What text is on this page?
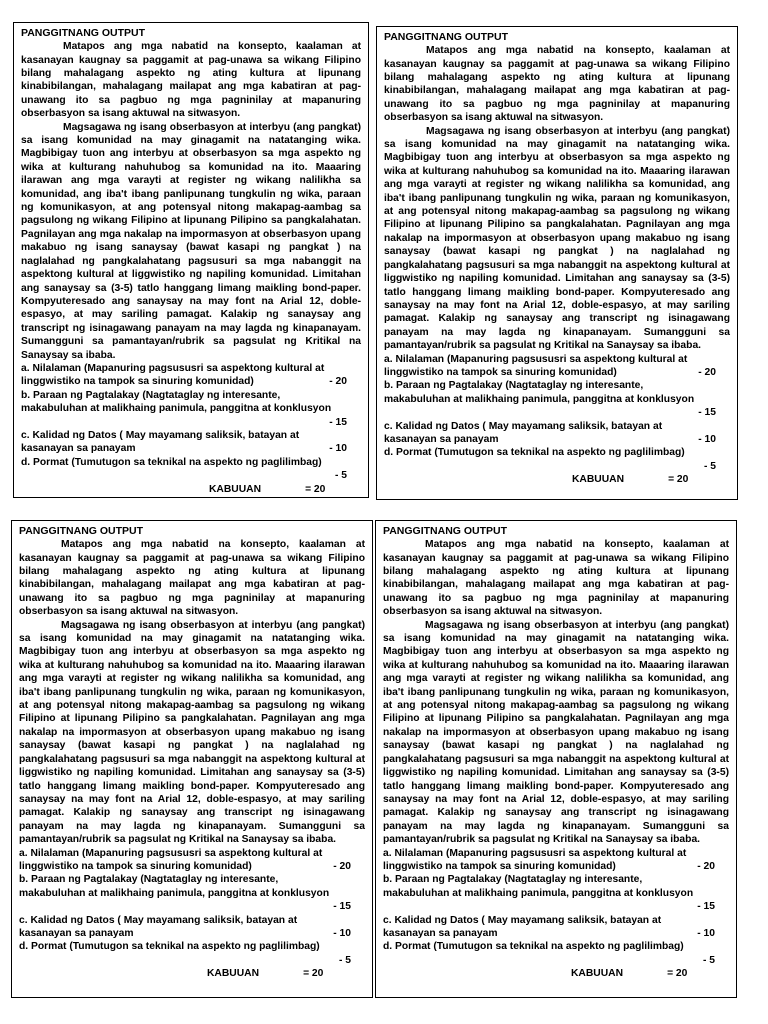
PANGGITNANG OUTPUT

Matapos ang mga nabatid na konsepto, kaalaman at kasanayan kaugnay sa paggamit at pag-unawa sa wikang Filipino bilang mahalagang aspekto ng ating kultura at lipunang kinabibilangan, mahalagang mailapat ang mga kabatiran at pag-unawang ito sa pagbuo ng mga pagninilay at mapanuring obserbasyon sa isang aktuwal na sitwasyon.

Magsagawa ng isang obserbasyon at interbyu (ang pangkat) sa isang komunidad na may ginagamit na natatanging wika. Magbibigay tuon ang interbyu at obserbasyon sa mga aspekto ng wika at kulturang nahuhubog sa komunidad na ito. Maaaring ilarawan ang mga varayti at register ng wikang nalilikha sa komunidad, ang iba't ibang panlipunang tungkulin ng wika, paraan ng komunikasyon, at ang potensyal nitong makapag-aambag sa pagsulong ng wikang Filipino at lipunang Pilipino sa pangkalahatan. Pagnilayan ang mga nakalap na impormasyon at obserbasyon upang makabuo ng isang sanaysay (bawat kasapi ng pangkat ) na naglalahad ng pangkalahatang pagsusuri sa mga nabanggit na aspektong kultural at liggwistiko ng napiling komunidad. Limitahan ang sanaysay sa (3-5) tatlo hanggang limang maikling bond-paper. Kompyuteresado ang sanaysay na may font na Arial 12, doble-espasyo, at may sariling pamagat. Kalakip ng sanaysay ang transcript ng isinagawang panayam na may lagda ng kinapanayam. Sumangguni sa pamantayan/rubrik sa pagsulat ng Kritikal na Sanaysay sa ibaba.

a. Nilalaman (Mapanuring pagsususri sa aspektong kultural at
linggwistiko na tampok sa sinuring komunidad)	- 20
b. Paraan ng Pagtalakay (Nagtataglay ng interesante,
makabuluhan at malikhaing panimula, panggitna at konklusyon
- 15
c. Kalidad ng Datos ( May mayamang saliksik, batayan at
kasanayan sa panayam	- 10
d. Pormat (Tumutugon sa teknikal na aspekto ng paglilimbag)
- 5
KABUUAN	= 20
PANGGITNANG OUTPUT

Matapos ang mga nabatid na konsepto, kaalaman at kasanayan kaugnay sa paggamit at pag-unawa sa wikang Filipino bilang mahalagang aspekto ng ating kultura at lipunang kinabibilangan, mahalagang mailapat ang mga kabatiran at pag-unawang ito sa pagbuo ng mga pagninilay at mapanuring obserbasyon sa isang aktuwal na sitwasyon.

Magsagawa ng isang obserbasyon at interbyu (ang pangkat) sa isang komunidad na may ginagamit na natatanging wika. Magbibigay tuon ang interbyu at obserbasyon sa mga aspekto ng wika at kulturang nahuhubog sa komunidad na ito. Maaaring ilarawan ang mga varayti at register ng wikang nalilikha sa komunidad, ang iba't ibang panlipunang tungkulin ng wika, paraan ng komunikasyon, at ang potensyal nitong makapag-aambag sa pagsulong ng wikang Filipino at lipunang Pilipino sa pangkalahatan. Pagnilayan ang mga nakalap na impormasyon at obserbasyon upang makabuo ng isang sanaysay (bawat kasapi ng pangkat ) na naglalahad ng pangkalahatang pagsusuri sa mga nabanggit na aspektong kultural at liggwistiko ng napiling komunidad. Limitahan ang sanaysay sa (3-5) tatlo hanggang limang maikling bond-paper. Kompyuteresado ang sanaysay na may font na Arial 12, doble-espasyo, at may sariling pamagat. Kalakip ng sanaysay ang transcript ng isinagawang panayam na may lagda ng kinapanayam. Sumangguni sa pamantayan/rubrik sa pagsulat ng Kritikal na Sanaysay sa ibaba.

a. Nilalaman (Mapanuring pagsususri sa aspektong kultural at
linggwistiko na tampok sa sinuring komunidad)	- 20
b. Paraan ng Pagtalakay (Nagtataglay ng interesante,
makabuluhan at malikhaing panimula, panggitna at konklusyon
- 15
c. Kalidad ng Datos ( May mayamang saliksik, batayan at
kasanayan sa panayam	- 10
d. Pormat (Tumutugon sa teknikal na aspekto ng paglilimbag)
- 5
KABUUAN	= 20
PANGGITNANG OUTPUT

Matapos ang mga nabatid na konsepto, kaalaman at kasanayan kaugnay sa paggamit at pag-unawa sa wikang Filipino bilang mahalagang aspekto ng ating kultura at lipunang kinabibilangan, mahalagang mailapat ang mga kabatiran at pag-unawang ito sa pagbuo ng mga pagninilay at mapanuring obserbasyon sa isang aktuwal na sitwasyon.

Magsagawa ng isang obserbasyon at interbyu (ang pangkat) sa isang komunidad na may ginagamit na natatanging wika. Magbibigay tuon ang interbyu at obserbasyon sa mga aspekto ng wika at kulturang nahuhubog sa komunidad na ito. Maaaring ilarawan ang mga varayti at register ng wikang nalilikha sa komunidad, ang iba't ibang panlipunang tungkulin ng wika, paraan ng komunikasyon, at ang potensyal nitong makapag-aambag sa pagsulong ng wikang Filipino at lipunang Pilipino sa pangkalahatan. Pagnilayan ang mga nakalap na impormasyon at obserbasyon upang makabuo ng isang sanaysay (bawat kasapi ng pangkat ) na naglalahad ng pangkalahatang pagsusuri sa mga nabanggit na aspektong kultural at liggwistiko ng napiling komunidad. Limitahan ang sanaysay sa (3-5) tatlo hanggang limang maikling bond-paper. Kompyuteresado ang sanaysay na may font na Arial 12, doble-espasyo, at may sariling pamagat. Kalakip ng sanaysay ang transcript ng isinagawang panayam na may lagda ng kinapanayam. Sumangguni sa pamantayan/rubrik sa pagsulat ng Kritikal na Sanaysay sa ibaba.

a. Nilalaman (Mapanuring pagsususri sa aspektong kultural at
linggwistiko na tampok sa sinuring komunidad)	- 20
b. Paraan ng Pagtalakay (Nagtataglay ng interesante,
makabuluhan at malikhaing panimula, panggitna at konklusyon
- 15
c. Kalidad ng Datos ( May mayamang saliksik, batayan at
kasanayan sa panayam	- 10
d. Pormat (Tumutugon sa teknikal na aspekto ng paglilimbag)
- 5
KABUUAN	= 20
PANGGITNANG OUTPUT

Matapos ang mga nabatid na konsepto, kaalaman at kasanayan kaugnay sa paggamit at pag-unawa sa wikang Filipino bilang mahalagang aspekto ng ating kultura at lipunang kinabibilangan, mahalagang mailapat ang mga kabatiran at pag-unawang ito sa pagbuo ng mga pagninilay at mapanuring obserbasyon sa isang aktuwal na sitwasyon.

Magsagawa ng isang obserbasyon at interbyu (ang pangkat) sa isang komunidad na may ginagamit na natatanging wika. Magbibigay tuon ang interbyu at obserbasyon sa mga aspekto ng wika at kulturang nahuhubog sa komunidad na ito. Maaaring ilarawan ang mga varayti at register ng wikang nalilikha sa komunidad, ang iba't ibang panlipunang tungkulin ng wika, paraan ng komunikasyon, at ang potensyal nitong makapag-aambag sa pagsulong ng wikang Filipino at lipunang Pilipino sa pangkalahatan. Pagnilayan ang mga nakalap na impormasyon at obserbasyon upang makabuo ng isang sanaysay (bawat kasapi ng pangkat ) na naglalahad ng pangkalahatang pagsusuri sa mga nabanggit na aspektong kultural at liggwistiko ng napiling komunidad. Limitahan ang sanaysay sa (3-5) tatlo hanggang limang maikling bond-paper. Kompyuteresado ang sanaysay na may font na Arial 12, doble-espasyo, at may sariling pamagat. Kalakip ng sanaysay ang transcript ng isinagawang panayam na may lagda ng kinapanayam. Sumangguni sa pamantayan/rubrik sa pagsulat ng Kritikal na Sanaysay sa ibaba.

a. Nilalaman (Mapanuring pagsususri sa aspektong kultural at
linggwistiko na tampok sa sinuring komunidad)	- 20
b. Paraan ng Pagtalakay (Nagtataglay ng interesante,
makabuluhan at malikhaing panimula, panggitna at konklusyon
- 15
c. Kalidad ng Datos ( May mayamang saliksik, batayan at
kasanayan sa panayam	- 10
d. Pormat (Tumutugon sa teknikal na aspekto ng paglilimbag)
- 5
KABUUAN	= 20
